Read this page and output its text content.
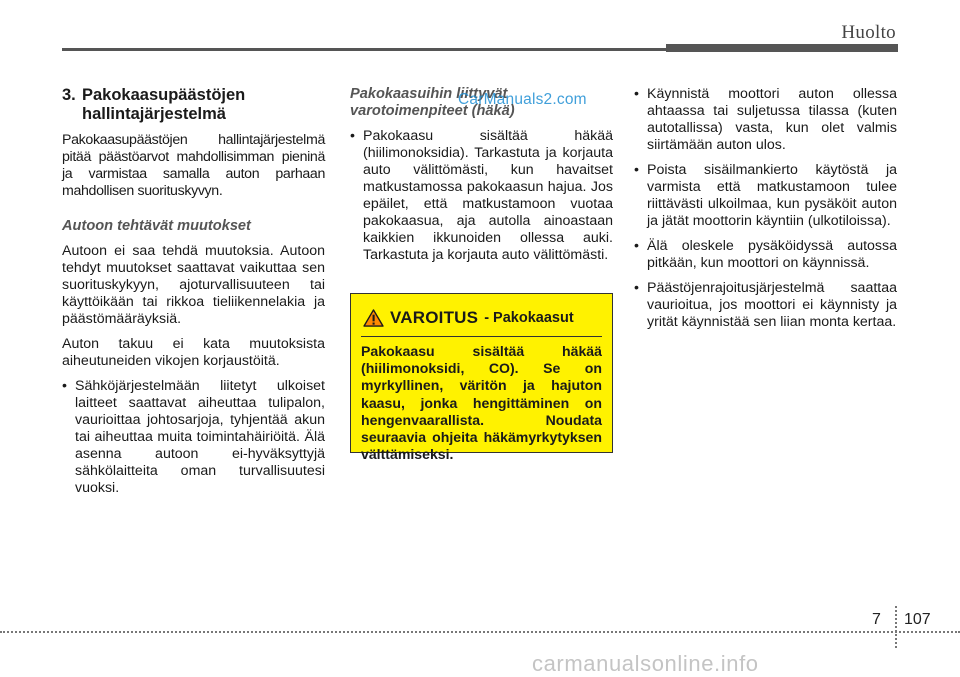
Huolto
3. Pakokaasupäästöjen
hallintajärjestelmä

Pakokaasupäästöjen hallintajärjestelmä pitää päästöarvot mahdollisimman pieninä ja varmistaa samalla auton parhaan mahdollisen suorituskyvyn.

Autoon tehtävät muutokset

Autoon ei saa tehdä muutoksia. Autoon tehdyt muutokset saattavat vaikuttaa sen suorituskykyyn, ajoturvallisuuteen tai käyttöikään tai rikkoa tieliikennelakia ja päästömääräyksiä.

Auton takuu ei kata muutoksista aiheutuneiden vikojen korjaustöitä.

• Sähköjärjestelmään liitetyt ulkoiset laitteet saattavat aiheuttaa tulipalon, vaurioittaa johtosarjoja, tyhjentää akun tai aiheuttaa muita toimintahäiriöitä. Älä asenna autoon ei-hyväksyttyjä sähkölaitteita oman turvallisuutesi vuoksi.
Pakokaasuihin liittyvät
varotoimenpiteet (häkä)
• Pakokaasu sisältää häkää (hiilimonoksidia). Tarkastuta ja korjauta auto välittömästi, kun havaitset matkustamossa pakokaasun hajua. Jos epäilet, että matkustamoon vuotaa pakokaasua, aja autolla ainoastaan kaikkien ikkunoiden ollessa auki. Tarkastuta ja korjauta auto välittömästi.
VAROITUS - Pakokaasut
Pakokaasu sisältää häkää (hiilimonoksidi, CO). Se on myrkyllinen, väritön ja hajuton kaasu, jonka hengittäminen on hengenvaarallista. Noudata seuraavia ohjeita häkämyrkytyksen välttämiseksi.
• Käynnistä moottori auton ollessa ahtaassa tai suljetussa tilassa (kuten autotallissa) vasta, kun olet valmis siirtämään auton ulos.
• Poista sisäilmankierto käytöstä ja varmista että matkustamoon tulee riittävästi ulkoilmaa, kun pysäköit auton ja jätät moottorin käyntiin (ulkotiloissa).
• Älä oleskele pysäköidyssä autossa pitkään, kun moottori on käynnissä.
• Päästöjenrajoitusjärjestelmä saattaa vaurioitua, jos moottori ei käynnisty ja yrität käynnistää sen liian monta kertaa.
CarManuals2.com
7 107
carmanualsonline.info
